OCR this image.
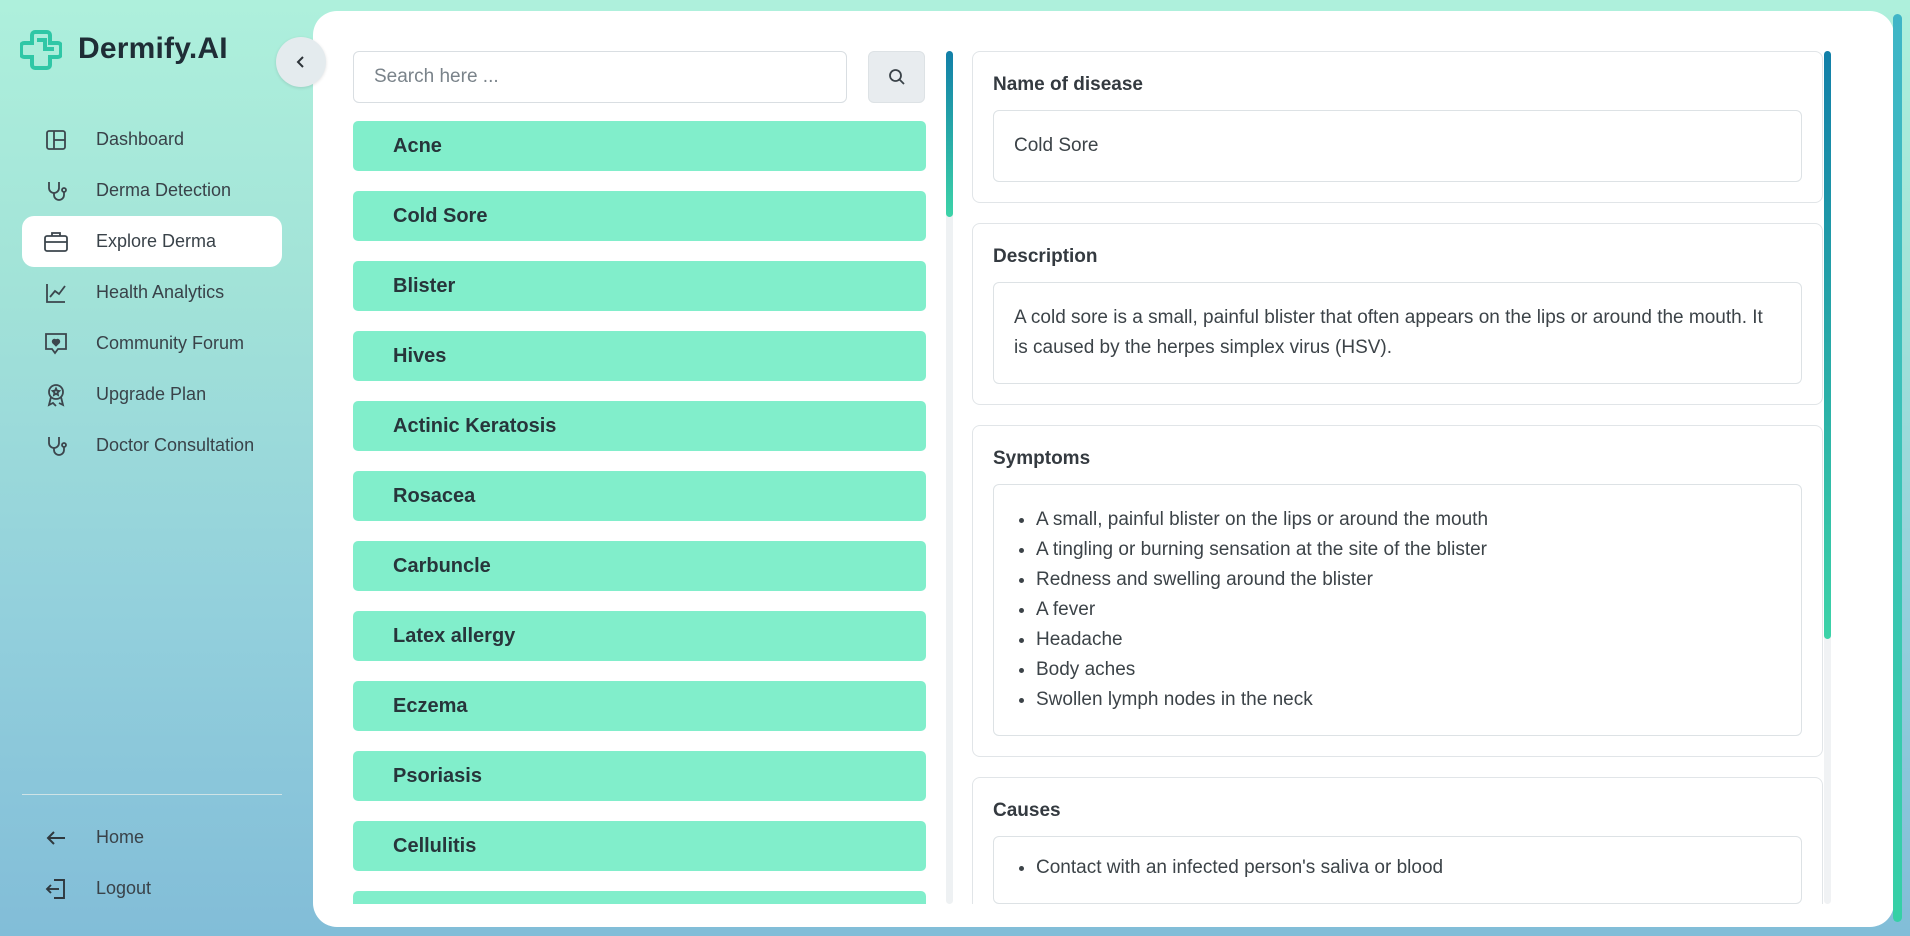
Dermify.AI
Dashboard
Derma Detection
Explore Derma
Health Analytics
Community Forum
Upgrade Plan
Doctor Consultation
Home
Logout
Search here ...
Acne
Cold Sore
Blister
Hives
Actinic Keratosis
Rosacea
Carbuncle
Latex allergy
Eczema
Psoriasis
Cellulitis
Name of disease
Cold Sore
Description
A cold sore is a small, painful blister that often appears on the lips or around the mouth. It is caused by the herpes simplex virus (HSV).
Symptoms
• A small, painful blister on the lips or around the mouth
• A tingling or burning sensation at the site of the blister
• Redness and swelling around the blister
• A fever
• Headache
• Body aches
• Swollen lymph nodes in the neck
Causes
• Contact with an infected person's saliva or blood
